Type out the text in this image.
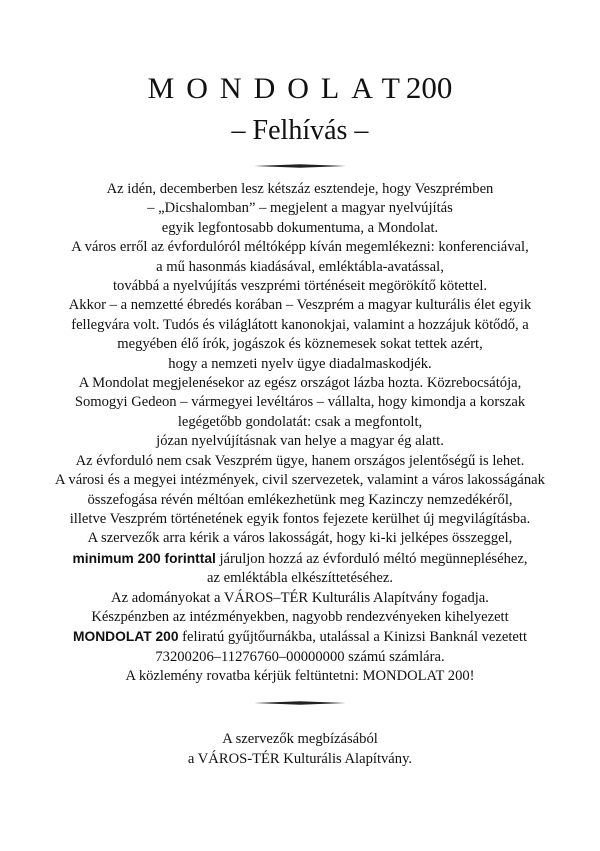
MONDOLAT200
– Felhívás –
Az idén, decemberben lesz kétszáz esztendeje, hogy Veszprémben
– „Dicshalomban” – megjelent a magyar nyelvújítás
egyik legfontosabb dokumentuma, a Mondolat.
A város erről az évfordulóról méltóképp kíván megemlékezni: konferenciával,
a mű hasonmás kiadásával, emléktábla-avatással,
továbbá a nyelvújítás veszprémi történéseit megörökítő kötettel.
Akkor – a nemzetté ébredés korában – Veszprém a magyar kulturális élet egyik
fellegvára volt. Tudós és világlátott kanonokjai, valamint a hozzájuk kötődő, a
megyében élő írók, jogászok és köznemesek sokat tettek azért,
hogy a nemzeti nyelv ügye diadalmaskodjék.
A Mondolat megjelenésekor az egész országot lázba hozta. Közrebocsátója,
Somogyi Gedeon – vármegyei levéltáros – vállalta, hogy kimondja a korszak
legégetőbb gondolatát: csak a megfontolt,
józan nyelvújításnak van helye a magyar ég alatt.
Az évforduló nem csak Veszprém ügye, hanem országos jelentőségű is lehet.
A városi és a megyei intézmények, civil szervezetek, valamint a város lakosságának
összefogása révén méltóan emlékezhetünk meg Kazinczy nemzedékéről,
illetve Veszprém történetének egyik fontos fejezete kerülhet új megvilágításba.
A szervezők arra kérik a város lakosságát, hogy ki-ki jelképes összeggel,
minimum 200 forinttal járuljon hozzá az évforduló méltó megünnepléséhez,
az emléktábla elkészíttetéséhez.
Az adományokat a VÁROS–TÉR Kulturális Alapítvány fogadja.
Készpénzben az intézményekben, nagyobb rendezvényeken kihelyezett
MONDOLAT 200 feliratú gyűjtőurnákba, utalással a Kinizsi Banknál vezetett
73200206–11276760–00000000 számú számlára.
A közlemény rovatba kérjük feltüntetni: MONDOLAT 200!
A szervezők megbízásából
a VÁROS-TÉR Kulturális Alapítvány.
